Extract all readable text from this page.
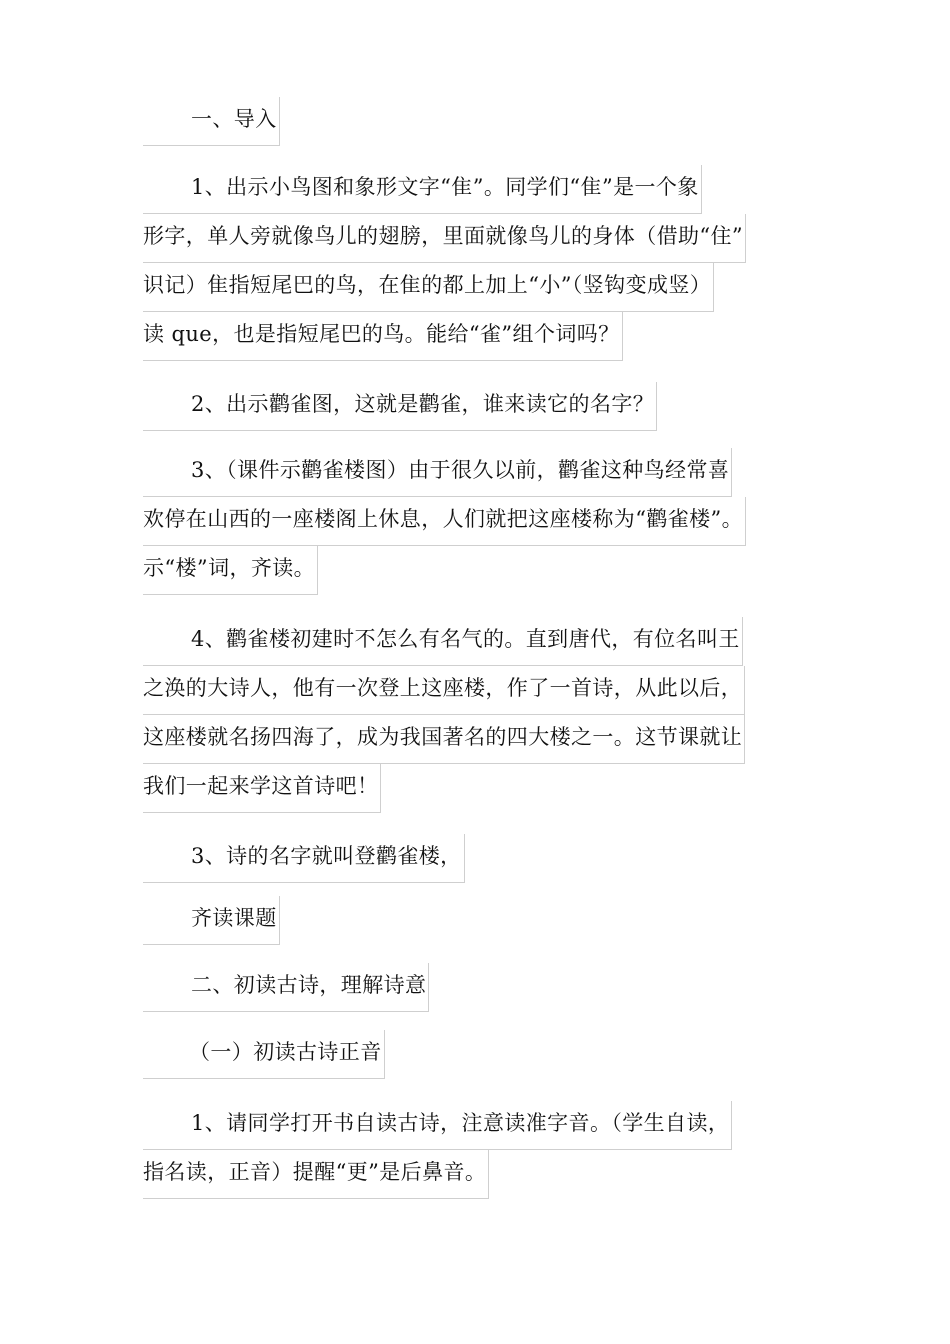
一、导入

1、出示小鸟图和象形文字“隹”。同学们“隹”是一个象
形字，单人旁就像鸟儿的翅膀，里面就像鸟儿的身体（借助“住”
识记）隹指短尾巴的鸟，在隹的都上加上“小”（竖钩变成竖）
读 que，也是指短尾巴的鸟。能给“雀”组个词吗？

2、出示鹳雀图，这就是鹳雀，谁来读它的名字？

3、（课件示鹳雀楼图）由于很久以前，鹳雀这种鸟经常喜
欢停在山西的一座楼阁上休息，人们就把这座楼称为“鹳雀楼”。
示“楼”词，齐读。

4、鹳雀楼初建时不怎么有名气的。直到唐代，有位名叫王
之涣的大诗人，他有一次登上这座楼，作了一首诗，从此以后，
这座楼就名扬四海了，成为我国著名的四大楼之一。这节课就让
我们一起来学这首诗吧！

3、诗的名字就叫登鹳雀楼，

齐读课题

二、初读古诗，理解诗意

（一）初读古诗正音

1、请同学打开书自读古诗，注意读准字音。（学生自读，
指名读，正音）提醒“更”是后鼻音。
